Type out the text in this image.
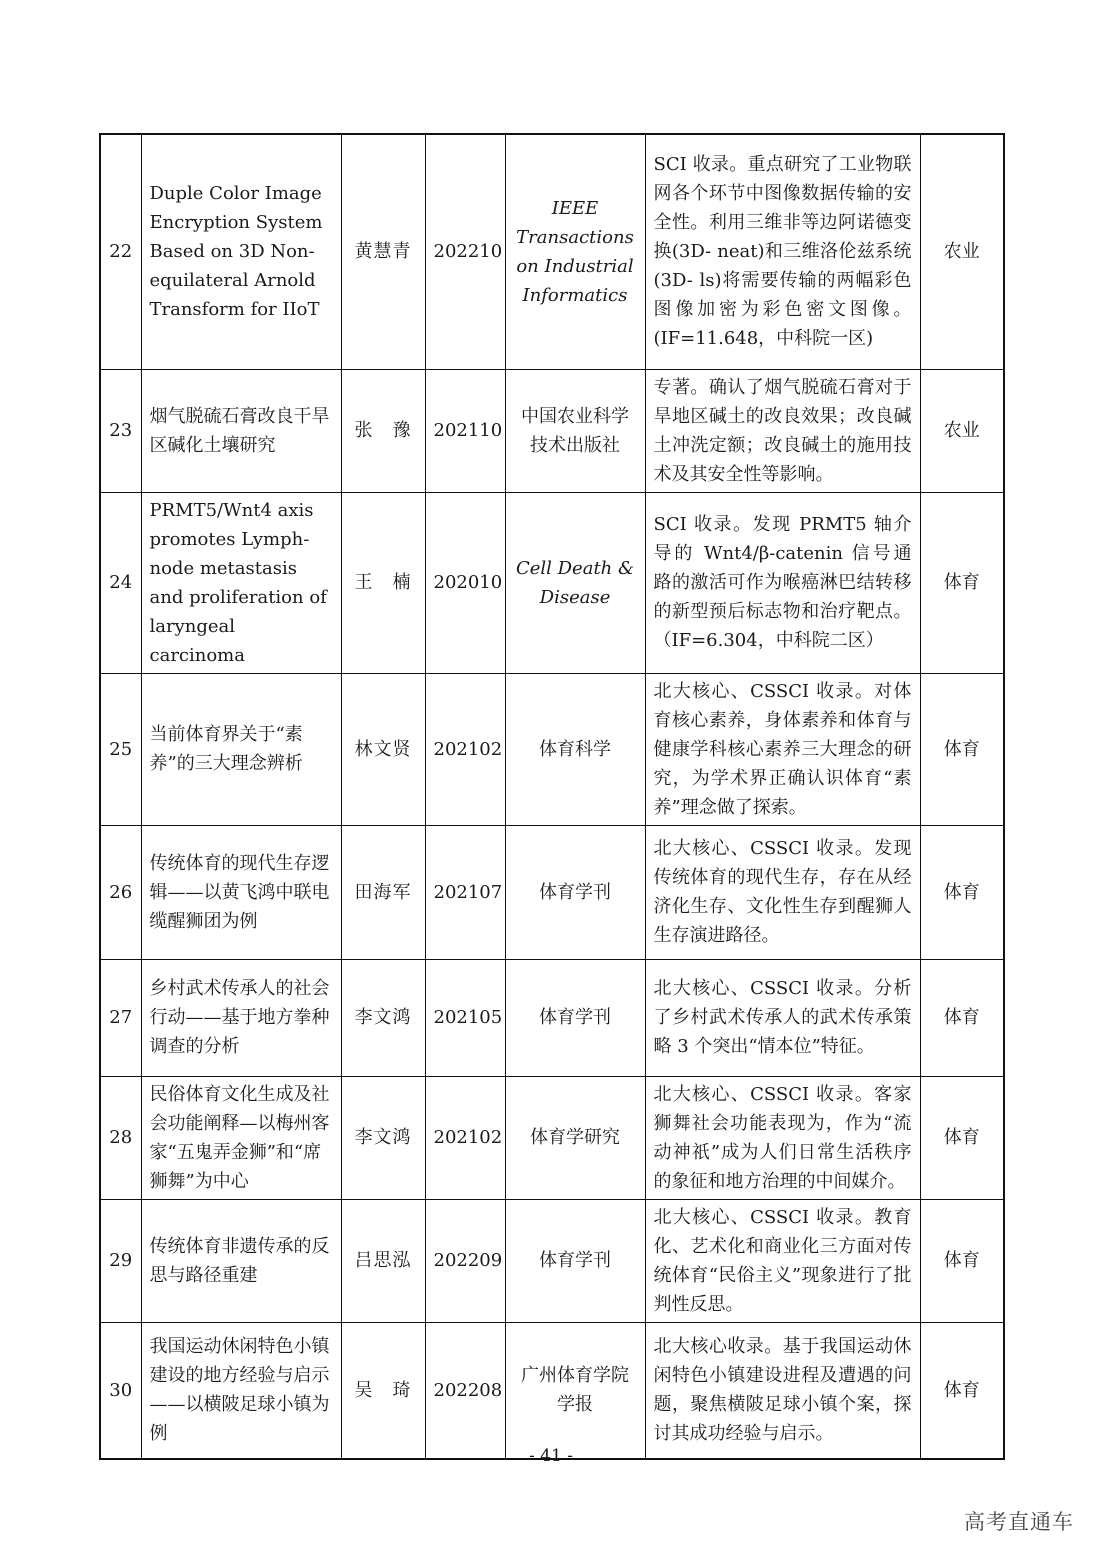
22	Duple Color Image Encryption System Based on 3D Non-equilateral Arnold Transform for IIoT	黄慧青	202210	IEEE Transactions on Industrial Informatics	SCI 收录。重点研究了工业物联网各个环节中图像数据传输的安全性。利用三维非等边阿诺德变换(3D- neat)和三维洛伦兹系统(3D- ls)将需要传输的两幅彩色图像加密为彩色密文图像。(IF=11.648，中科院一区)	农业
23	烟气脱硫石膏改良干旱区碱化土壤研究	张　豫	202110	中国农业科学技术出版社	专著。确认了烟气脱硫石膏对于旱地区碱土的改良效果；改良碱土冲洗定额；改良碱土的施用技术及其安全性等影响。	农业
24	PRMT5/Wnt4 axis promotes Lymph-node metastasis and proliferation of laryngeal carcinoma	王　楠	202010	Cell Death & Disease	SCI 收录。发现 PRMT5 轴介导的 Wnt4/β-catenin 信号通路的激活可作为喉癌淋巴结转移的新型预后标志物和治疗靶点。（IF=6.304，中科院二区）	体育
25	当前体育界关于“素养”的三大理念辨析	林文贤	202102	体育科学	北大核心、CSSCI 收录。对体育核心素养，身体素养和体育与健康学科核心素养三大理念的研究，为学术界正确认识体育“素养”理念做了探索。	体育
26	传统体育的现代生存逻辑——以黄飞鸿中联电缆醒狮团为例	田海军	202107	体育学刊	北大核心、CSSCI 收录。发现传统体育的现代生存，存在从经济化生存、文化性生存到醒狮人生存演进路径。	体育
27	乡村武术传承人的社会行动——基于地方拳种调查的分析	李文鸿	202105	体育学刊	北大核心、CSSCI 收录。分析了乡村武术传承人的武术传承策略 3 个突出“情本位”特征。	体育
28	民俗体育文化生成及社会功能阐释—以梅州客家“五鬼弄金狮”和“席狮舞”为中心	李文鸿	202102	体育学研究	北大核心、CSSCI 收录。客家狮舞社会功能表现为，作为“流动神祇”成为人们日常生活秩序的象征和地方治理的中间媒介。	体育
29	传统体育非遗传承的反思与路径重建	吕思泓	202209	体育学刊	北大核心、CSSCI 收录。教育化、艺术化和商业化三方面对传统体育“民俗主义”现象进行了批判性反思。	体育
30	我国运动休闲特色小镇建设的地方经验与启示——以横陂足球小镇为例	吴　琦	202208	广州体育学院学报	北大核心收录。基于我国运动休闲特色小镇建设进程及遭遇的问题，聚焦横陂足球小镇个案，探讨其成功经验与启示。	体育
- 41 -
高考直通车
